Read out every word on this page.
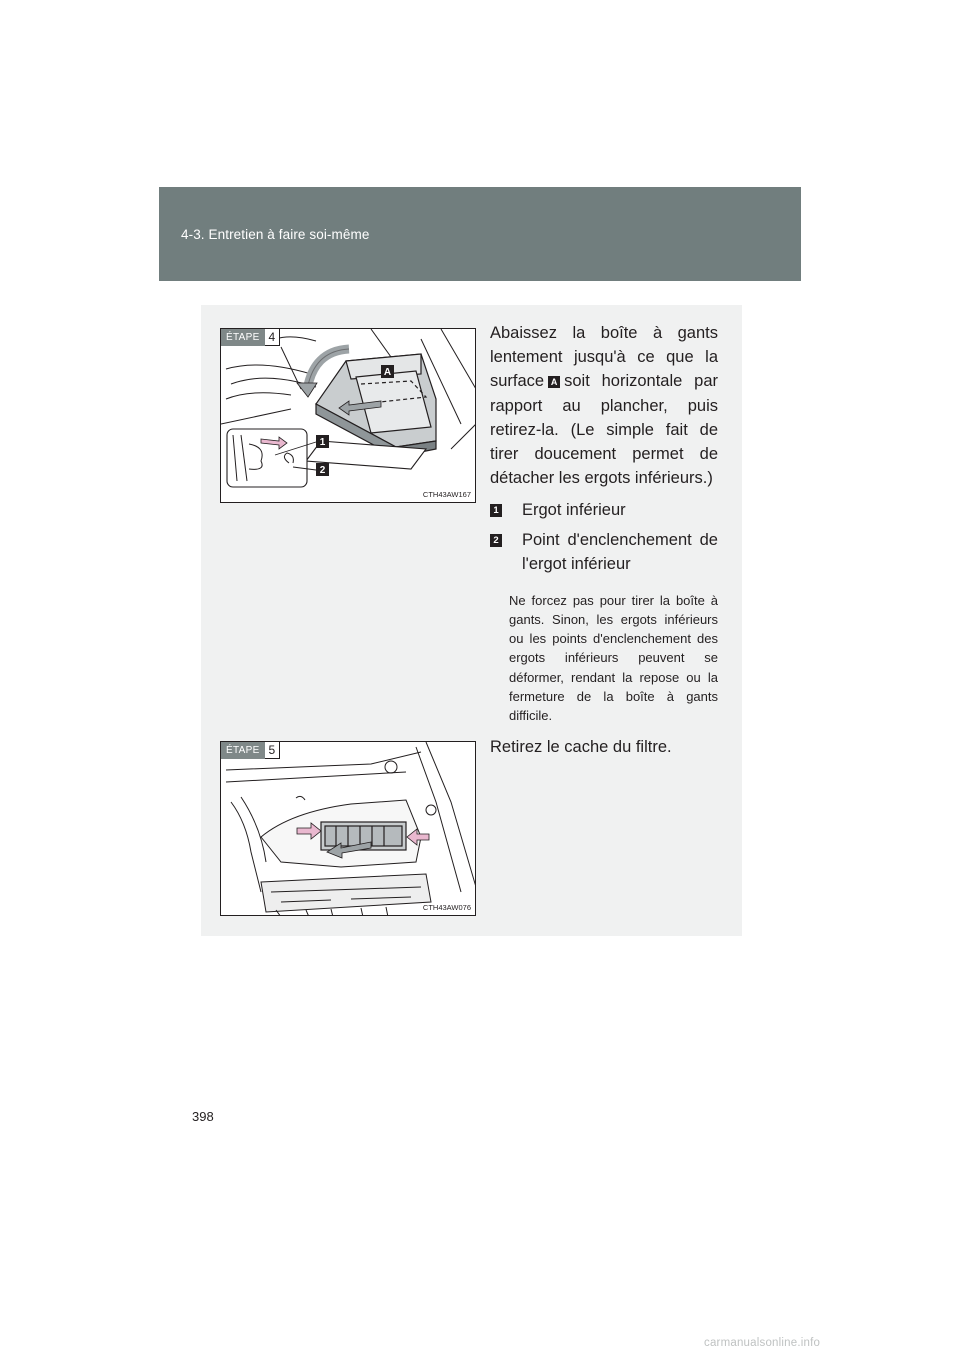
4-3. Entretien à faire soi-même
ÉTAPE 4
A
1
2
CTH43AW167

Abaissez la boîte à gants lentement jusqu'à ce que la surface A soit horizontale par rapport au plancher, puis retirez-la. (Le simple fait de tirer doucement permet de détacher les ergots inférieurs.)

1 Ergot inférieur

2 Point d'enclenchement de l'ergot inférieur

Ne forcez pas pour tirer la boîte à gants. Sinon, les ergots inférieurs ou les points d'enclenchement des ergots inférieurs peuvent se déformer, rendant la repose ou la fermeture de la boîte à gants difficile.

ÉTAPE 5
CTH43AW076

Retirez le cache du filtre.

398
carmanualsonline.info
